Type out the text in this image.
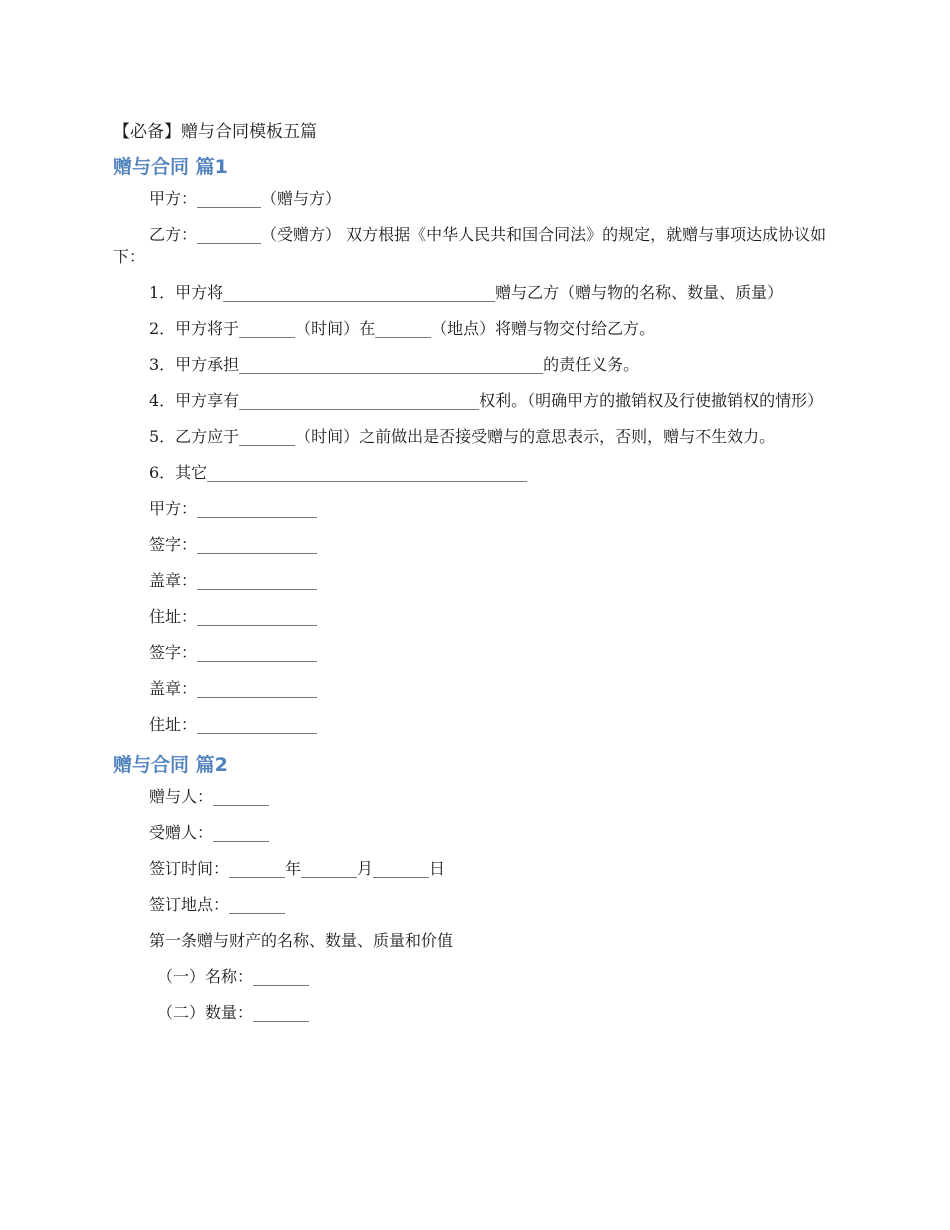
【必备】赠与合同模板五篇
赠与合同 篇1

甲方：________（赠与方）

乙方：________（受赠方） 双方根据《中华人民共和国合同法》的规定，就赠与事项达成协议如下：

1．甲方将__________________________________赠与乙方（赠与物的名称、数量、质量）

2．甲方将于_______（时间）在_______（地点）将赠与物交付给乙方。

3．甲方承担______________________________________的责任义务。

4．甲方享有______________________________权利。（明确甲方的撤销权及行使撤销权的情形）

5．乙方应于_______（时间）之前做出是否接受赠与的意思表示，否则，赠与不生效力。

6．其它________________________________________

甲方：_______________

签字：_______________

盖章：_______________

住址：_______________

签字：_______________

盖章：_______________

住址：_______________

赠与合同 篇2

赠与人：_______

受赠人：_______

签订时间：_______年_______月_______日

签订地点：_______

第一条赠与财产的名称、数量、质量和价值

（一）名称：_______

（二）数量：_______
